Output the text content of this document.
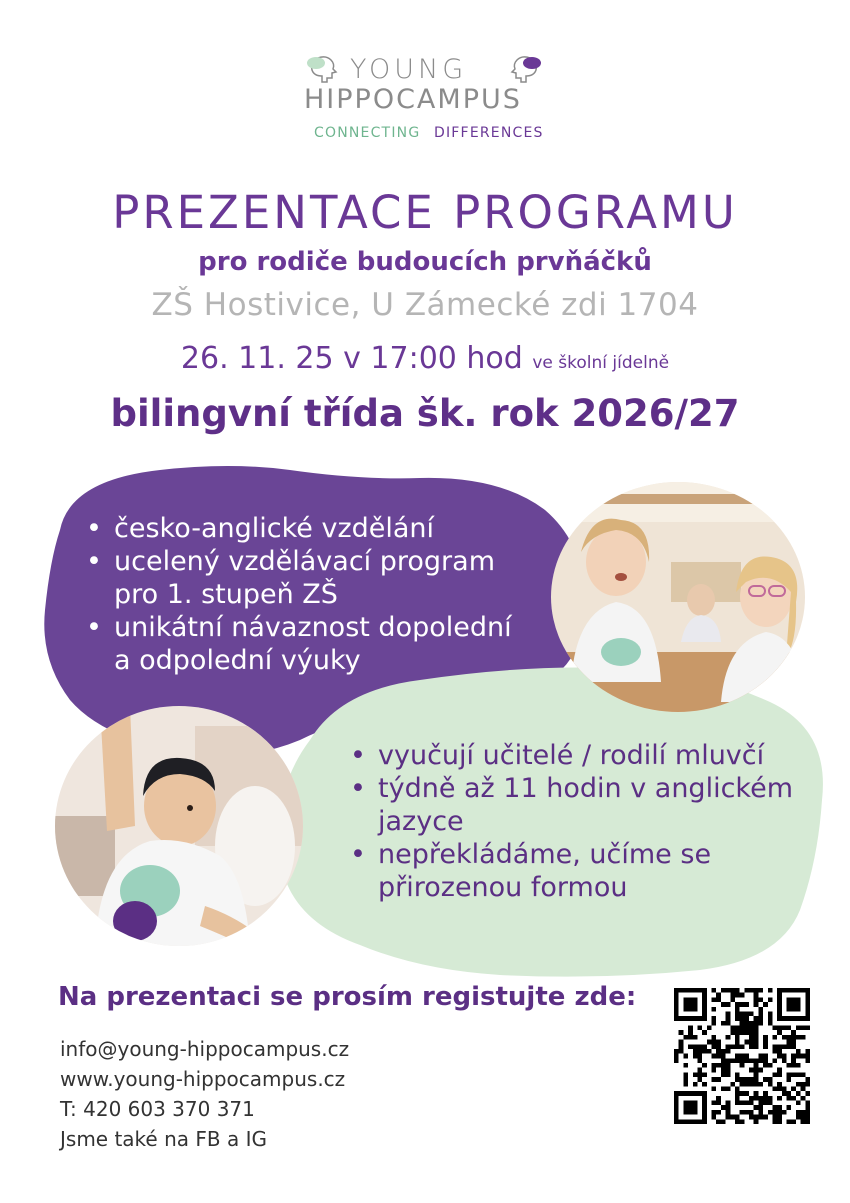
YOUNG
HIPPOCAMPUS
CONNECTING DIFFERENCES
PREZENTACE PROGRAMU
pro rodiče budoucích prvňáčků
ZŠ Hostivice, U Zámecké zdi 1704
26. 11. 25 v 17:00 hod ve školní jídelně
bilingvní třída šk. rok 2026/27
• česko-anglické vzdělání
• ucelený vzdělávací program
pro 1. stupeň ZŠ
• unikátní návaznost dopolední
a odpolední výuky
• vyučují učitelé / rodilí mluvčí
• týdně až 11 hodin v anglickém
jazyce
• nepřekládáme, učíme se
přirozenou formou
Na prezentaci se prosím registujte zde:
info@young-hippocampus.cz
www.young-hippocampus.cz
T: 420 603 370 371
Jsme také na FB a IG
